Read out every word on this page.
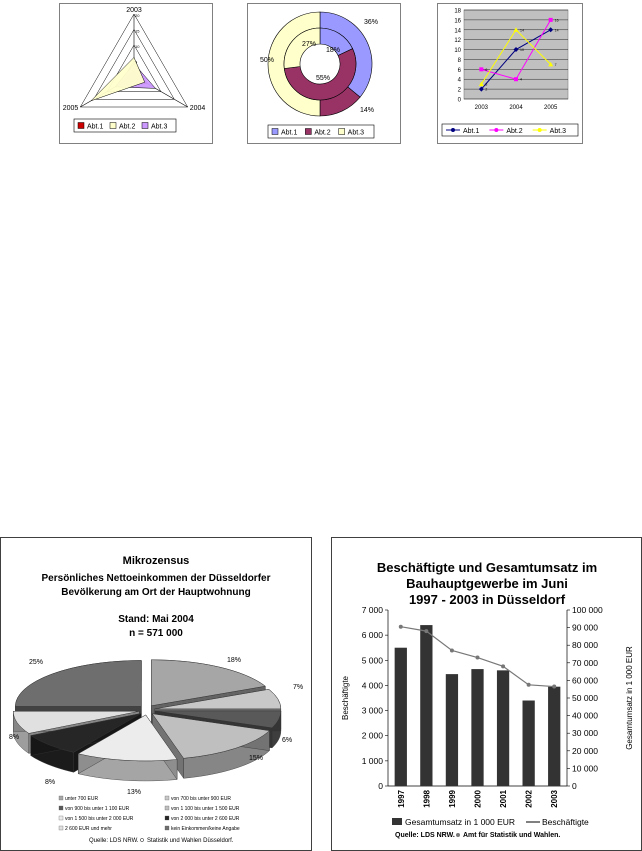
20
15
10
2003
2004
2005
Abt.1 Abt.2 Abt.3
36%
14%
50%
18%
55%
27%
Abt.1 Abt.2 Abt.3
0
2
4
6
8
10
12
14
16
18
2003	2004	2005
2
10
14
6
4
16
3
14
7
Abt.1	Abt.2	Abt.3
Mikrozensus
Persönliches Nettoeinkommen der Düsseldorfer
Bevölkerung am Ort der Hauptwohnung
Stand: Mai 2004
n = 571 000
Quelle: LDS NRW. Statistik und Wahlen Düsseldorf.
18%
7%
6%
15%
13%
8%
8%
25%
unter 700 EUR	von 700 bis unter 900 EUR
von 900 bis unter 1 100 EUR	von 1 100 bis unter 1 500 EUR
von 1 500 bis unter 2 000 EUR	von 2 000 bis unter 2 600 EUR
2 600 EUR und mehr	kein Einkommen/keine Angabe
Beschäftigte und Gesamtumsatz im
Bauhauptgewerbe im Juni
1997 - 2003 in Düsseldorf
Quelle: LDS NRW. Amt für Statistik und Wahlen.
0
1 000
2 000
3 000
4 000
5 000
6 000
7 000
0
10 000
20 000
30 000
40 000
50 000
60 000
70 000
80 000
90 000
100 000
Beschäftigte	Gesamtumsatz in 1 000 EUR
1997 1998 1999 2000 2001 2002 2003
Gesamtumsatz in 1 000 EUR	Beschäftigte
